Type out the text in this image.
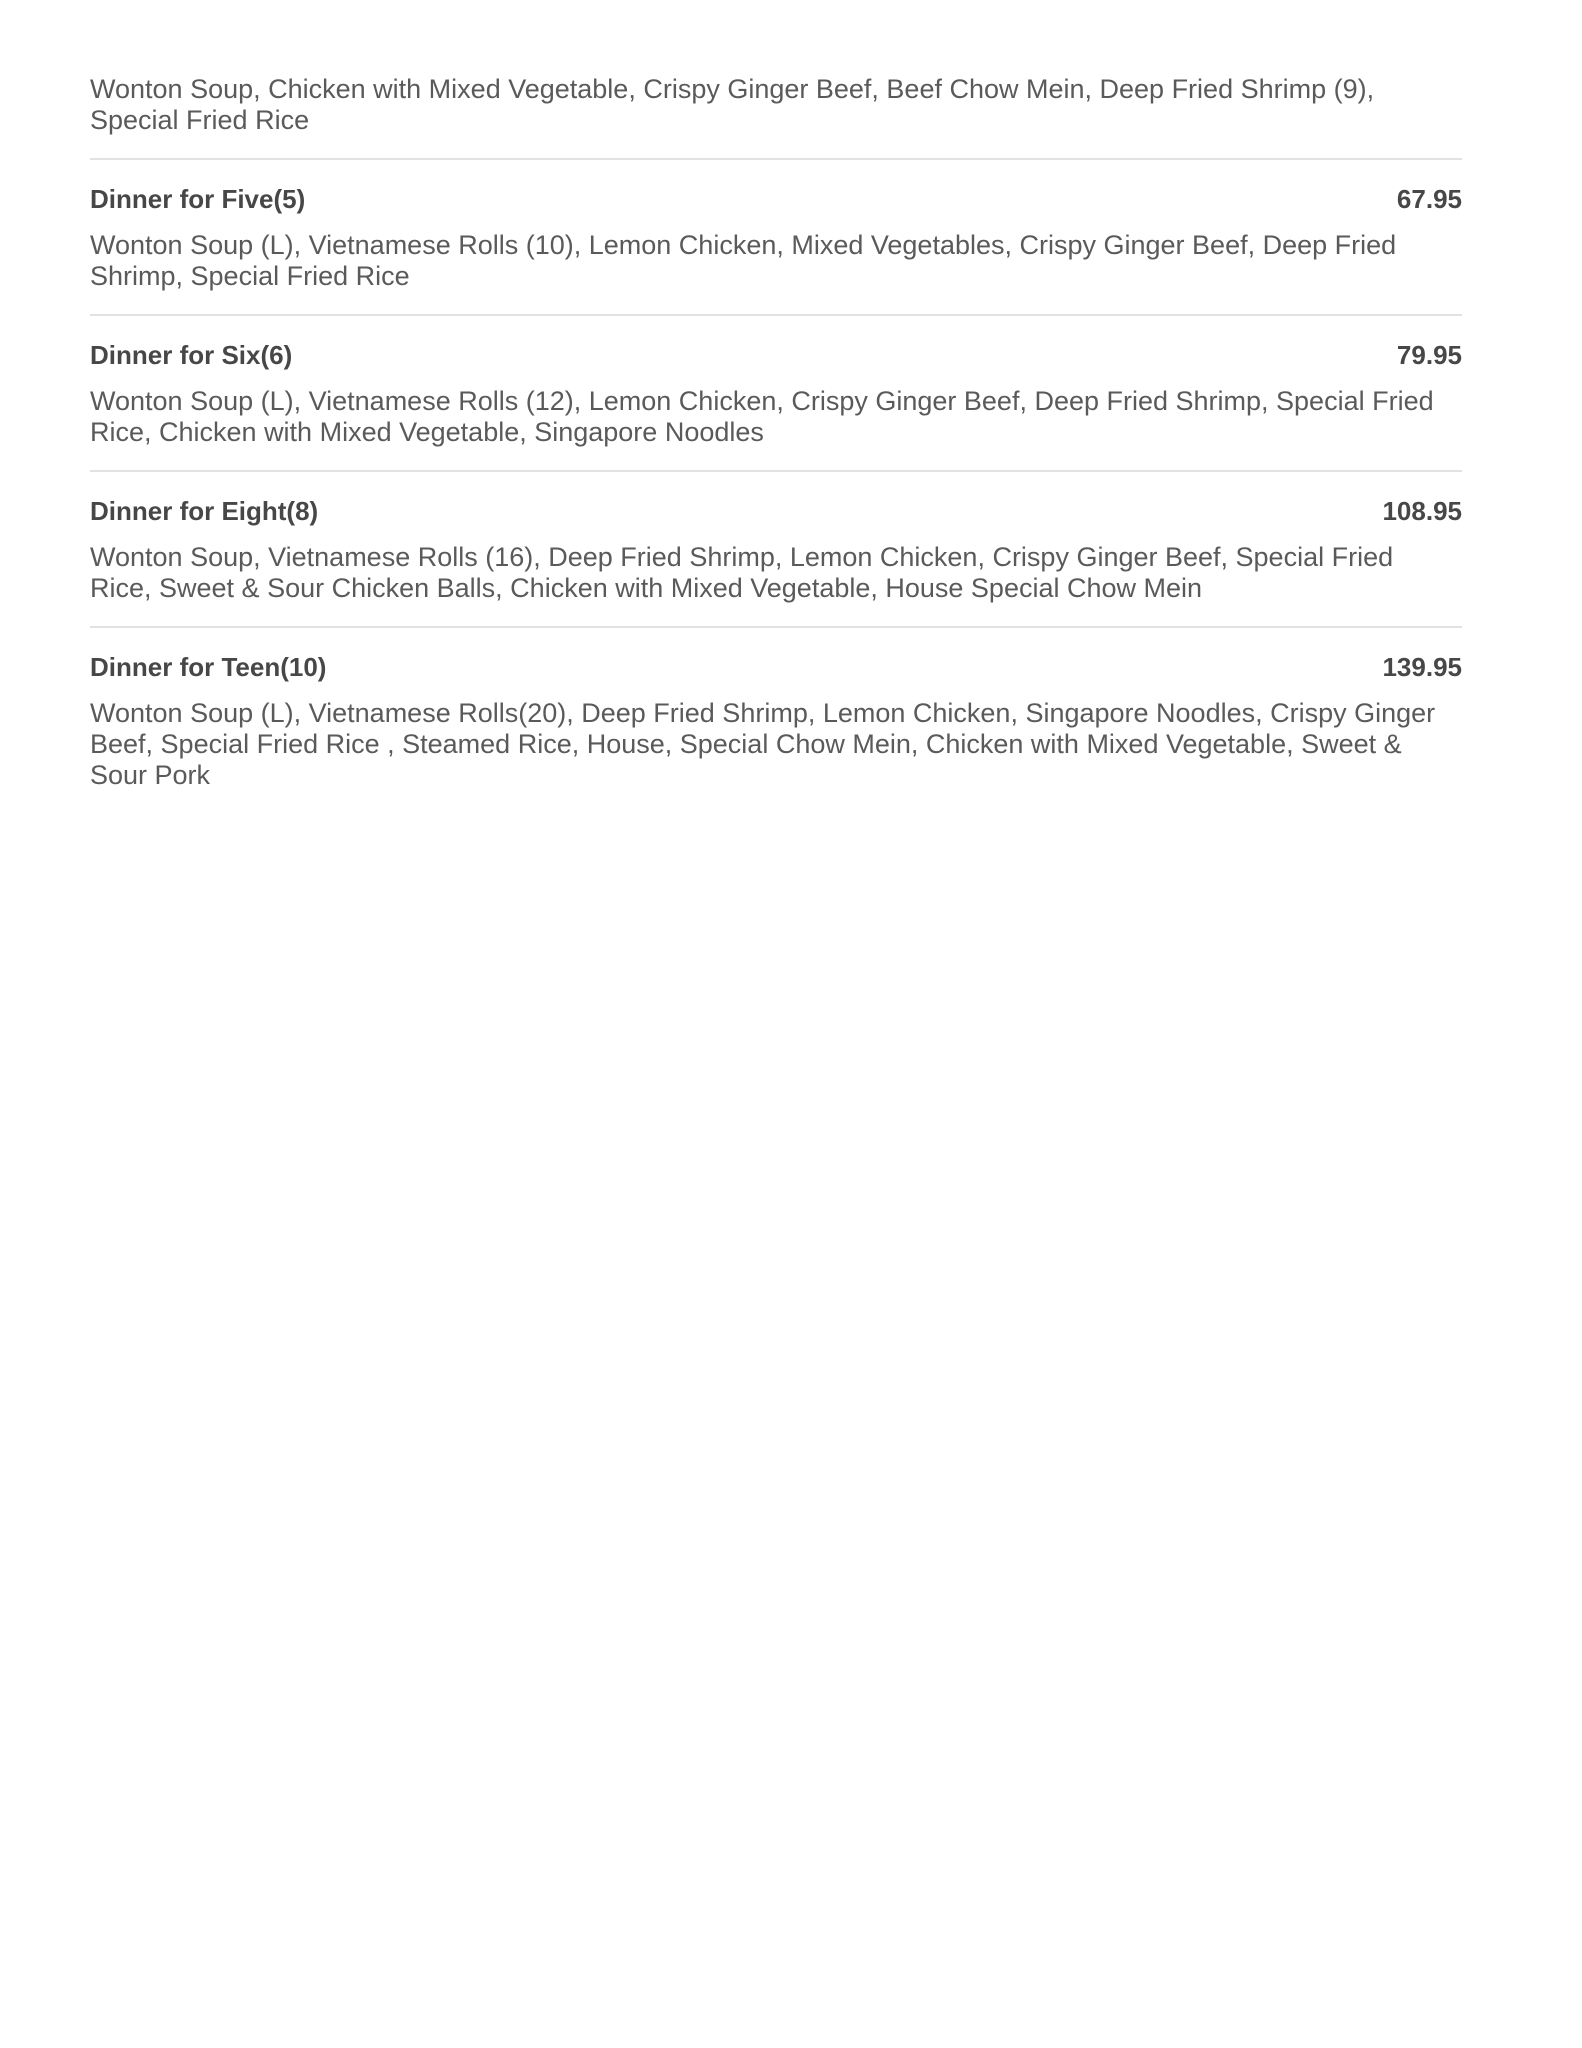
Wonton Soup, Chicken with Mixed Vegetable, Crispy Ginger Beef, Beef Chow Mein, Deep Fried Shrimp (9), Special Fried Rice

Dinner for Five(5)	67.95

Wonton Soup (L), Vietnamese Rolls (10), Lemon Chicken, Mixed Vegetables, Crispy Ginger Beef, Deep Fried Shrimp, Special Fried Rice

Dinner for Six(6)	79.95

Wonton Soup (L), Vietnamese Rolls (12), Lemon Chicken, Crispy Ginger Beef, Deep Fried Shrimp, Special Fried Rice, Chicken with Mixed Vegetable, Singapore Noodles

Dinner for Eight(8)	108.95

Wonton Soup, Vietnamese Rolls (16), Deep Fried Shrimp, Lemon Chicken, Crispy Ginger Beef, Special Fried Rice, Sweet & Sour Chicken Balls, Chicken with Mixed Vegetable, House Special Chow Mein

Dinner for Teen(10)	139.95

Wonton Soup (L), Vietnamese Rolls(20), Deep Fried Shrimp, Lemon Chicken, Singapore Noodles, Crispy Ginger Beef, Special Fried Rice , Steamed Rice, House, Special Chow Mein, Chicken with Mixed Vegetable, Sweet & Sour Pork
